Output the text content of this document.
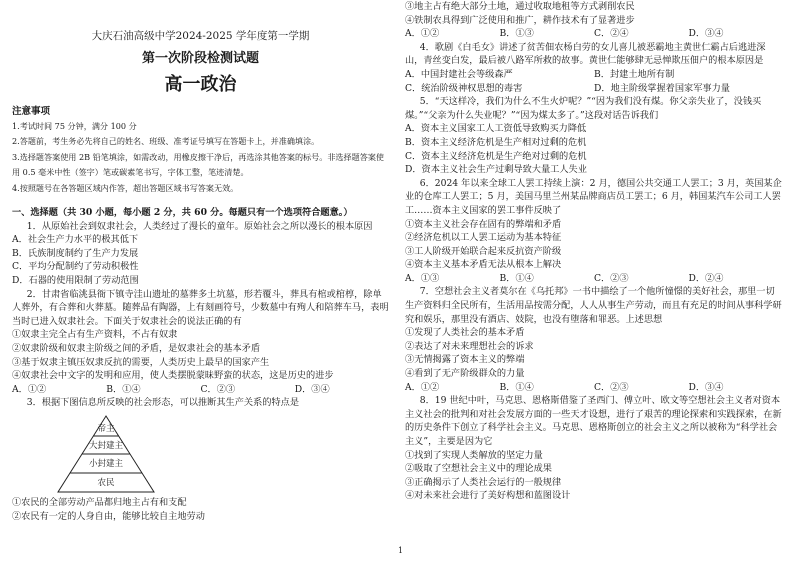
大庆石油高级中学2024-2025 学年度第一学期
第一次阶段检测试题
高一政治
注意事项
1.考试时间 75 分钟，满分 100 分
2.答题前，考生务必先将自己的姓名、班级、准考证号填写在答题卡上，并准确填涂。
3.选择题答案使用 2B 铅笔填涂，如需改动，用橡皮擦干净后，再选涂其他答案的标号。非选择题答案使用 0.5 毫米中性（签字）笔或碳素笔书写，字体工整，笔迹清楚。
4.按照题号在各答题区域内作答，超出答题区域书写答案无效。
一、选择题（共 30 小题，每小题 2 分，共 60 分。每题只有一个选项符合题意。）
1．从原始社会到奴隶社会，人类经过了漫长的童年。原始社会之所以漫长的根本原因
A．社会生产力水平的极其低下
B．氏族制度制约了生产力发展
C．平均分配制约了劳动积极性
D．石器的使用限制了劳动范围
2．甘肃省临洮县衙下镇寺洼山遗址的墓葬多土坑墓，形若覆斗，葬具有棺或棺椁，除单人葬外，有合葬和火葬墓。随葬品有陶器，上有刻画符号，少数墓中有殉人和陪葬车马，表明当时已进入奴隶社会。下面关于奴隶社会的说法正确的有
①奴隶主完全占有生产资料，不占有奴隶
②奴隶阶级和奴隶主阶级之间的矛盾，是奴隶社会的基本矛盾
③基于奴隶主镇压奴隶反抗的需要，人类历史上最早的国家产生
④奴隶社会中文字的发明和应用，使人类摆脱蒙昧野蛮的状态，这是历史的进步
A．①②	B．①④	C．②③	D．③④
3．根据下图信息所反映的社会形态，可以推断其生产关系的特点是
帝主
大封建主
小封建主
农民
①农民的全部劳动产品都归地主占有和支配
②农民有一定的人身自由，能够比较自主地劳动
③地主占有绝大部分土地，通过收取地租等方式剥削农民
④铁制农具得到广泛使用和推广，耕作技术有了显著进步
A．①②	B．①③	C．②④	D．③④
4．歌剧《白毛女》讲述了贫苦佃农杨白劳的女儿喜儿被恶霸地主黄世仁霸占后逃进深山，青丝变白发，最后被八路军所救的故事。黄世仁能够肆无忌惮欺压佃户的根本原因是
A．中国封建社会等级森严	B．封建土地所有制
C．统治阶级神权思想的毒害	D．地主阶级掌握着国家军事力量
5．“天这样冷，我们为什么不生火炉呢？”“因为我们没有煤。你父亲失业了，没钱买煤。”“父亲为什么失业呢？”“因为煤太多了。”这段对话告诉我们
A．资本主义国家工人工资低导致购买力降低
B．资本主义经济危机是生产相对过剩的危机
C．资本主义经济危机是生产绝对过剩的危机
D．资本主义社会生产过剩导致大量工人失业
6．2024 年以来全球工人罢工持续上演：2 月，德国公共交通工人罢工；3 月，英国某企业的仓库工人罢工；5 月，美国马里兰州某品牌商店员工罢工；6 月，韩国某汽车公司工人罢工……资本主义国家的罢工事件反映了
①资本主义社会存在固有的弊端和矛盾
②经济危机以工人罢工运动为基本特征
③工人阶级开始联合起来反抗资产阶级
④资本主义基本矛盾无法从根本上解决
A．①③	B．①④	C．②③	D．②④
7．空想社会主义者莫尔在《乌托邦》一书中描绘了一个他所憧憬的美好社会，那里一切生产资料归全民所有，生活用品按需分配，人人从事生产劳动，而且有充足的时间从事科学研究和娱乐，那里没有酒店、妓院，也没有堕落和罪恶。上述思想
①发现了人类社会的基本矛盾
②表达了对未来理想社会的诉求
③无情揭露了资本主义的弊端
④看到了无产阶级群众的力量
A．①②	B．①④	C．②③	D．③④
8．19 世纪中叶，马克思、恩格斯借鉴了圣西门、傅立叶、欧文等空想社会主义者对资本主义社会的批判和对社会发展方面的一些天才设想，进行了艰苦的理论探索和实践探索，在新的历史条件下创立了科学社会主义。马克思、恩格斯创立的社会主义之所以被称为“科学社会主义”，主要是因为它
①找到了实现人类解放的坚定力量
②吸取了空想社会主义中的理论成果
③正确揭示了人类社会运行的一般规律
④对未来社会进行了美好构想和蓝图设计
1
